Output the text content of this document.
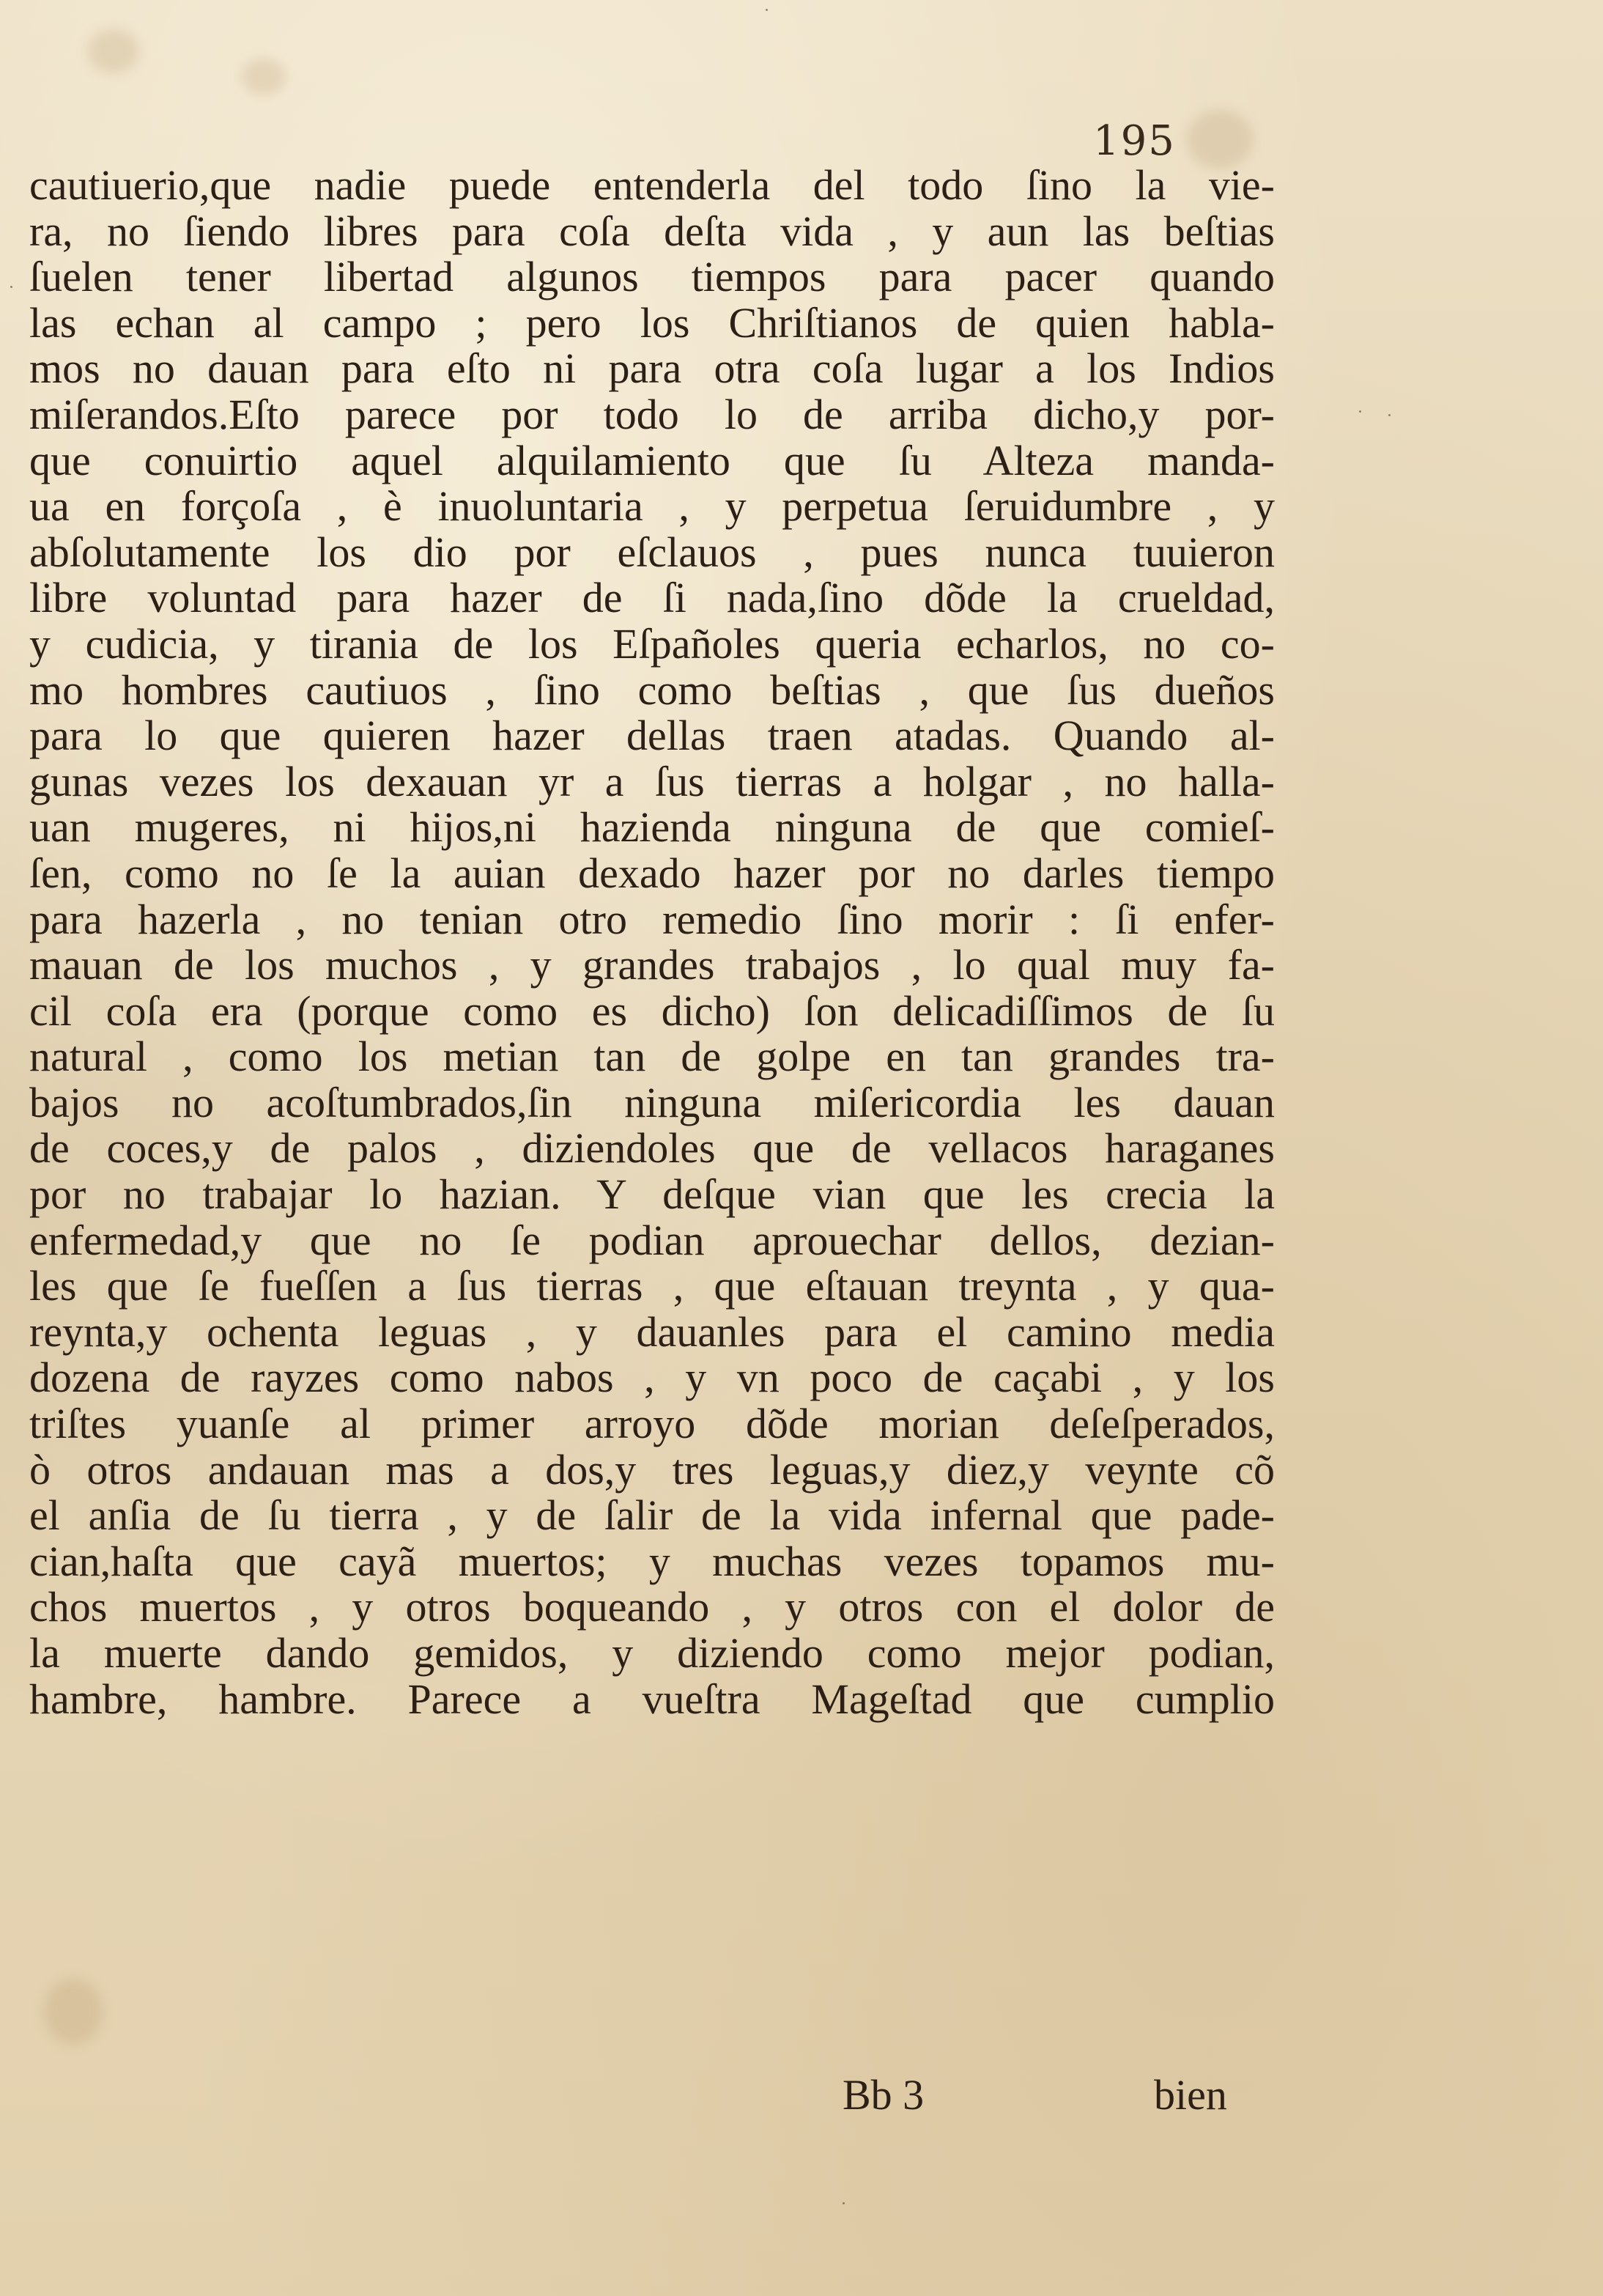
195
cautiuerio,que nadie puede entenderla del todo ſino la vie-
ra, no ſiendo libres para coſa deſta vida , y aun las beſtias
ſuelen tener libertad algunos tiempos para pacer quando
las echan al campo ; pero los Chriſtianos de quien habla-
mos no dauan para eſto ni para otra coſa lugar a los Indios
miſerandos.Eſto parece por todo lo de arriba dicho,y por-
que conuirtio aquel alquilamiento que ſu Alteza manda-
ua en forçoſa , è inuoluntaria , y perpetua ſeruidumbre , y
abſolutamente los dio por eſclauos , pues nunca tuuieron
libre voluntad para hazer de ſi nada,ſino dõde la crueldad,
y cudicia, y tirania de los Eſpañoles queria echarlos, no co-
mo hombres cautiuos , ſino como beſtias , que ſus dueños
para lo que quieren hazer dellas traen atadas. Quando al-
gunas vezes los dexauan yr a ſus tierras a holgar , no halla-
uan mugeres, ni hijos,ni hazienda ninguna de que comieſ-
ſen, como no ſe la auian dexado hazer por no darles tiempo
para hazerla , no tenian otro remedio ſino morir : ſi enfer-
mauan de los muchos , y grandes trabajos , lo qual muy fa-
cil coſa era (porque como es dicho) ſon delicadiſſimos de ſu
natural , como los metian tan de golpe en tan grandes tra-
bajos no acoſtumbrados,ſin ninguna miſericordia les dauan
de coces,y de palos , diziendoles que de vellacos haraganes
por no trabajar lo hazian. Y deſque vian que les crecia la
enfermedad,y que no ſe podian aprouechar dellos, dezian-
les que ſe fueſſen a ſus tierras , que eſtauan treynta , y qua-
reynta,y ochenta leguas , y dauanles para el camino media
dozena de rayzes como nabos , y vn poco de caçabi , y los
triſtes yuanſe al primer arroyo dõde morian deſeſperados,
ò otros andauan mas a dos,y tres leguas,y diez,y veynte cõ
el anſia de ſu tierra , y de ſalir de la vida infernal que pade-
cian,haſta que cayã muertos; y muchas vezes topamos mu-
chos muertos , y otros boqueando , y otros con el dolor de
la muerte dando gemidos, y diziendo como mejor podian,
hambre, hambre. Parece a vueſtra Mageſtad que cumplio
Bb 3	bien
